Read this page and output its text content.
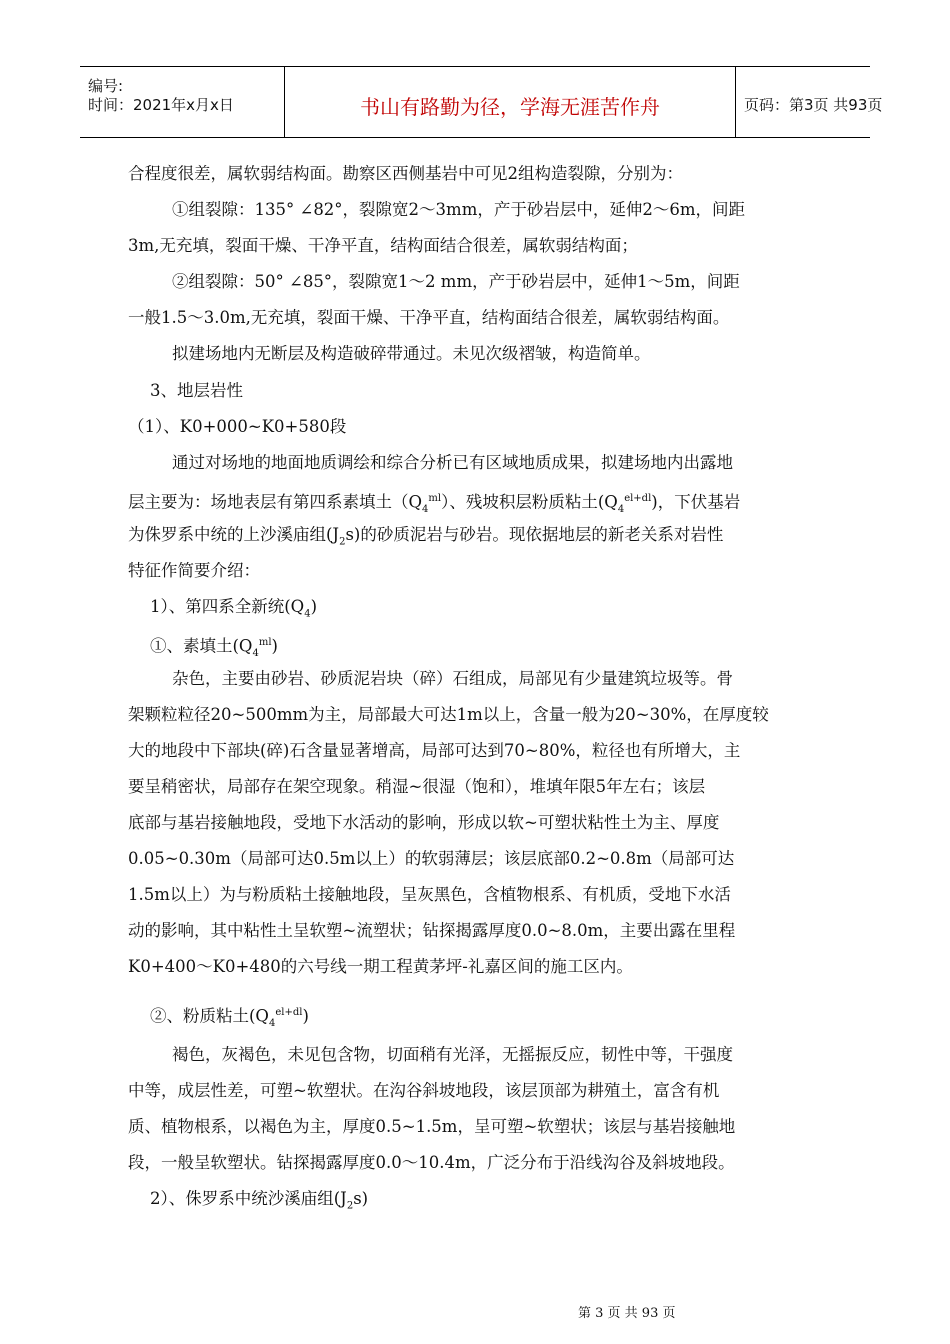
编号:
时间：2021年x月x日	书山有路勤为径，学海无涯苦作舟	页码：第3页 共93页
合程度很差，属软弱结构面。勘察区西侧基岩中可见2组构造裂隙，分别为：
①组裂隙：135° ∠82°，裂隙宽2～3mm，产于砂岩层中，延伸2～6m，间距
3m,无充填，裂面干燥、干净平直，结构面结合很差，属软弱结构面；
②组裂隙：50° ∠85°，裂隙宽1～2 mm，产于砂岩层中，延伸1～5m，间距
一般1.5～3.0m,无充填，裂面干燥、干净平直，结构面结合很差，属软弱结构面。
拟建场地内无断层及构造破碎带通过。未见次级褶皱，构造简单。
3、地层岩性
（1）、K0+000~K0+580段
通过对场地的地面地质调绘和综合分析已有区域地质成果，拟建场地内出露地
层主要为：场地表层有第四系素填土$(Q_4^{ml})$、残坡积层粉质粘土$(Q_4^{el+dl})$，下伏基岩
为侏罗系中统的上沙溪庙组$(J_2s)$的砂质泥岩与砂岩。现依据地层的新老关系对岩性
特征作简要介绍：
1）、第四系全新统$(Q_4)$
①、素填土$(Q_4^{ml})$
杂色，主要由砂岩、砂质泥岩块（碎）石组成，局部见有少量建筑垃圾等。骨
架颗粒粒径20~500mm为主，局部最大可达1m以上，含量一般为20~30%，在厚度较
大的地段中下部块(碎)石含量显著增高，局部可达到70~80%，粒径也有所增大，主
要呈稍密状，局部存在架空现象。稍湿~很湿（饱和），堆填年限5年左右；该层
底部与基岩接触地段，受地下水活动的影响，形成以软~可塑状粘性土为主、厚度
0.05~0.30m（局部可达0.5m以上）的软弱薄层；该层底部0.2~0.8m（局部可达
1.5m以上）为与粉质粘土接触地段，呈灰黑色，含植物根系、有机质，受地下水活
动的影响，其中粘性土呈软塑~流塑状；钻探揭露厚度0.0~8.0m，主要出露在里程
K0+400～K0+480的六号线一期工程黄茅坪-礼嘉区间的施工区内。
②、粉质粘土$(Q_4^{el+dl})$
褐色，灰褐色，未见包含物，切面稍有光泽，无摇振反应，韧性中等，干强度
中等，成层性差，可塑~软塑状。在沟谷斜坡地段，该层顶部为耕殖土，富含有机
质、植物根系，以褐色为主，厚度0.5~1.5m，呈可塑~软塑状；该层与基岩接触地
段，一般呈软塑状。钻探揭露厚度0.0～10.4m，广泛分布于沿线沟谷及斜坡地段。
2）、侏罗系中统沙溪庙组$(J_2s)$
第 3 页 共 93 页
